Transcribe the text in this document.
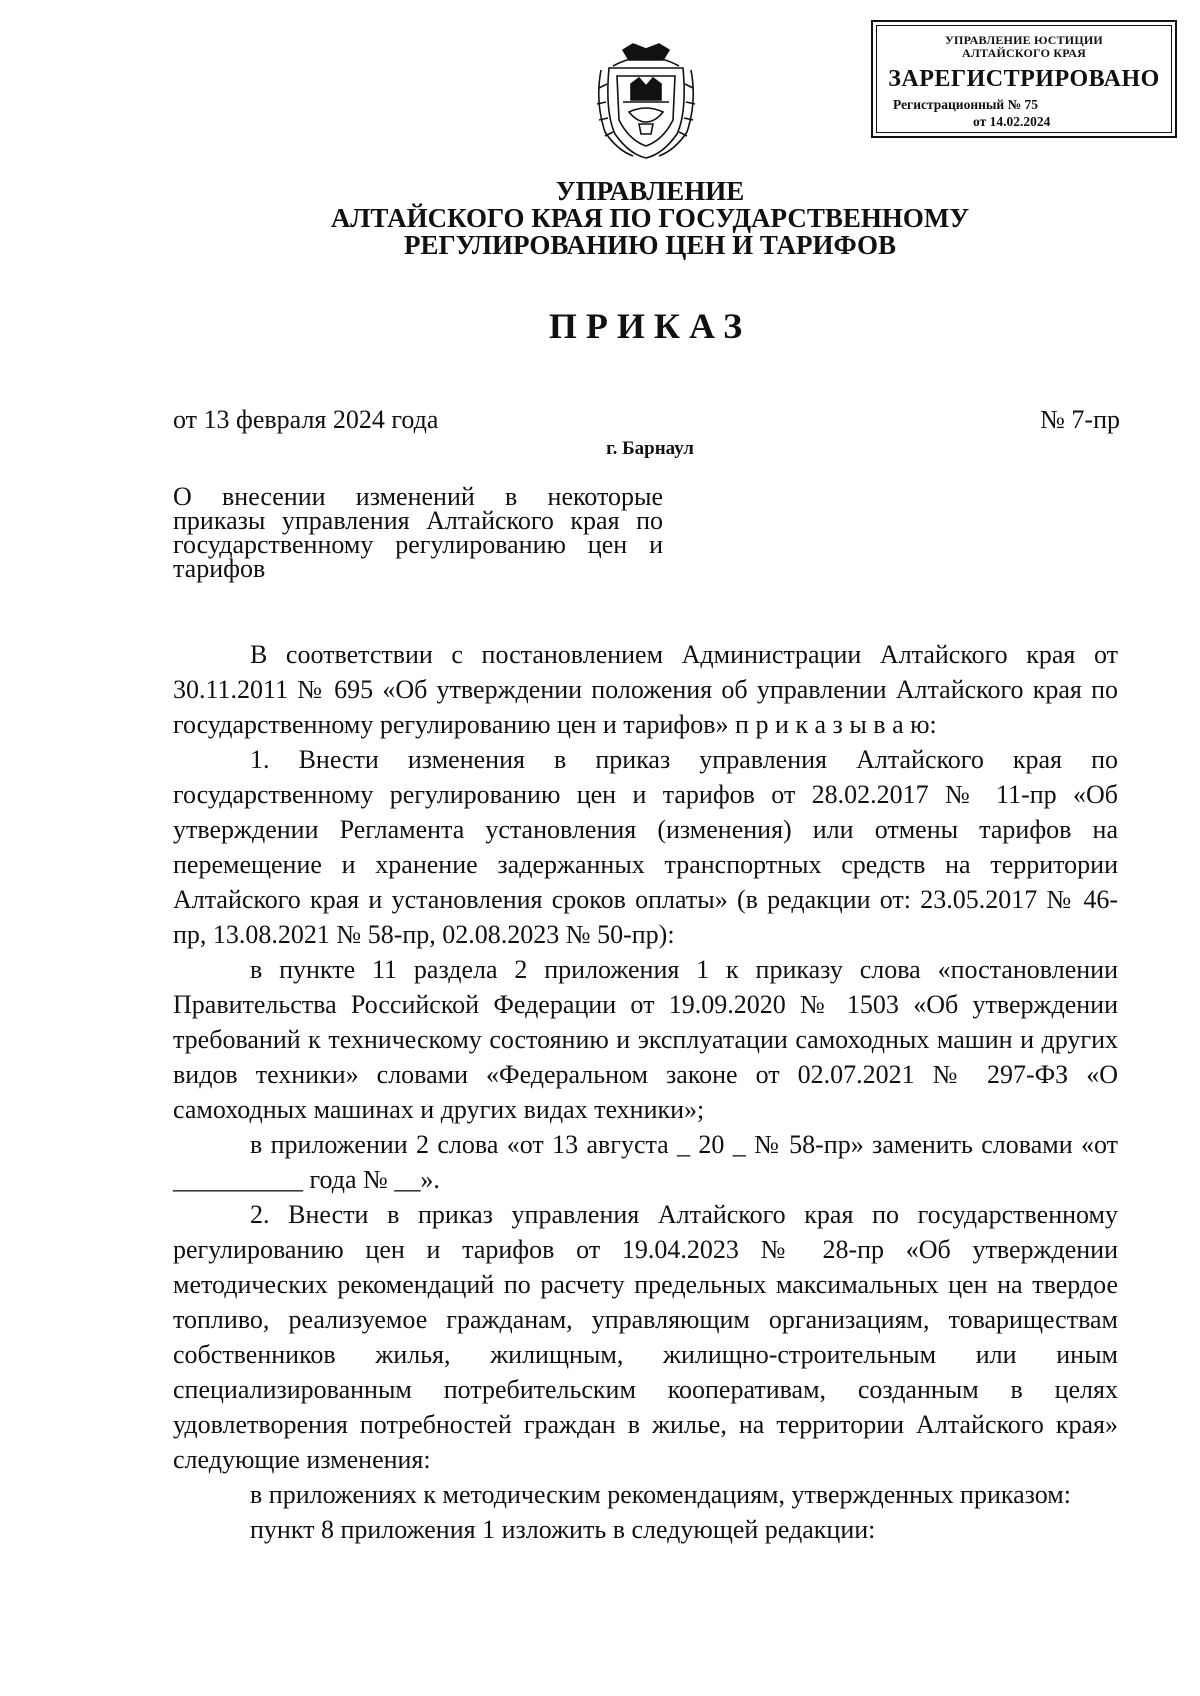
УПРАВЛЕНИЕ ЮСТИЦИИ
АЛТАЙСКОГО КРАЯ
ЗАРЕГИСТРИРОВАНО
Регистрационный № 75
от 14.02.2024
УПРАВЛЕНИЕ
АЛТАЙСКОГО КРАЯ ПО ГОСУДАРСТВЕННОМУ
РЕГУЛИРОВАНИЮ ЦЕН И ТАРИФОВ
ПРИКАЗ
от 13 февраля 2024 года	№ 7-пр
г. Барнаул
О внесении изменений в некоторые приказы управления Алтайского края по государственному регулированию цен и тарифов

В соответствии с постановлением Администрации Алтайского края от 30.11.2011 № 695 «Об утверждении положения об управлении Алтайского края по государственному регулированию цен и тарифов» п р и к а з ы в а ю:

1. Внести изменения в приказ управления Алтайского края по государственному регулированию цен и тарифов от 28.02.2017 № 11-пр «Об утверждении Регламента установления (изменения) или отмены тарифов на перемещение и хранение задержанных транспортных средств на территории Алтайского края и установления сроков оплаты» (в редакции от: 23.05.2017 № 46-пр, 13.08.2021 № 58-пр, 02.08.2023 № 50-пр):

в пункте 11 раздела 2 приложения 1 к приказу слова «постановлении Правительства Российской Федерации от 19.09.2020 № 1503 «Об утверждении требований к техническому состоянию и эксплуатации самоходных машин и других видов техники» словами «Федеральном законе от 02.07.2021 № 297-ФЗ «О самоходных машинах и других видах техники»;

в приложении 2 слова «от 13 августа _ 20 _ № 58-пр» заменить словами «от __________ года № __».

2. Внести в приказ управления Алтайского края по государственному регулированию цен и тарифов от 19.04.2023 № 28-пр «Об утверждении методических рекомендаций по расчету предельных максимальных цен на твердое топливо, реализуемое гражданам, управляющим организациям, товариществам собственников жилья, жилищным, жилищно-строительным или иным специализированным потребительским кооперативам, созданным в целях удовлетворения потребностей граждан в жилье, на территории Алтайского края» следующие изменения:

в приложениях к методическим рекомендациям, утвержденных приказом:

пункт 8 приложения 1 изложить в следующей редакции:
